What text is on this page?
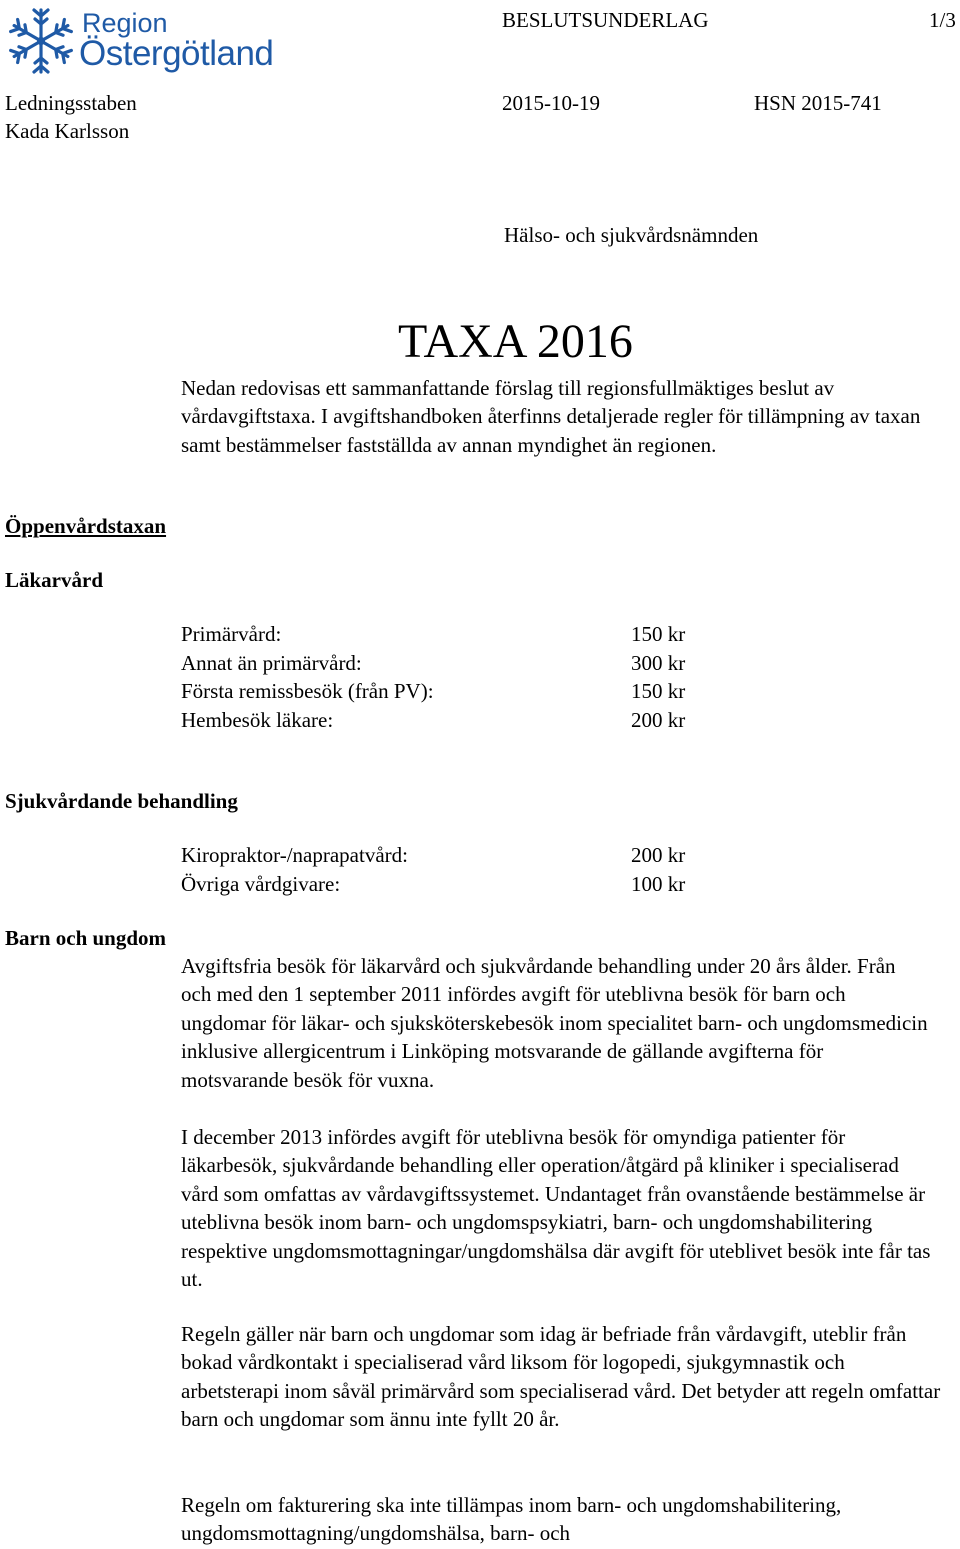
Region
Östergötland
BESLUTSUNDERLAG	1/3
Ledningsstaben
Kada Karlsson
2015-10-19	HSN 2015-741
Hälso- och sjukvårdsnämnden
TAXA 2016
Nedan redovisas ett sammanfattande förslag till regionsfullmäktiges beslut av vårdavgiftstaxa. I avgiftshandboken återfinns detaljerade regler för tillämpning av taxan samt bestämmelser fastställda av annan myndighet än regionen.
Öppenvårdstaxan
Läkarvård
Primärvård:	150 kr
Annat än primärvård:	300 kr
Första remissbesök (från PV):	150 kr
Hembesök läkare:	200 kr
Sjukvårdande behandling
Kiropraktor-/naprapatvård:	200 kr
Övriga vårdgivare:	100 kr
Barn och ungdom
Avgiftsfria besök för läkarvård och sjukvårdande behandling under 20 års ålder. Från och med den 1 september 2011 infördes avgift för uteblivna besök för barn och ungdomar för läkar- och sjuksköterskebesök inom specialitet barn- och ungdomsmedicin inklusive allergicentrum i Linköping motsvarande de gällande avgifterna för motsvarande besök för vuxna.
I december 2013 infördes avgift för uteblivna besök för omyndiga patienter för läkarbesök, sjukvårdande behandling eller operation/åtgärd på kliniker i specialiserad vård som omfattas av vårdavgiftssystemet. Undantaget från ovanstående bestämmelse är uteblivna besök inom barn- och ungdomspsykiatri, barn- och ungdomshabilitering respektive ungdomsmottagningar/ungdomshälsa där avgift för uteblivet besök inte får tas ut.
Regeln gäller när barn och ungdomar som idag är befriade från vårdavgift, uteblir från bokad vårdkontakt i specialiserad vård liksom för logopedi, sjukgymnastik och arbetsterapi inom såväl primärvård som specialiserad vård. Det betyder att regeln omfattar barn och ungdomar som ännu inte fyllt 20 år.
Regeln om fakturering ska inte tillämpas inom barn- och ungdomshabilitering, ungdomsmottagning/ungdomshälsa, barn- och
